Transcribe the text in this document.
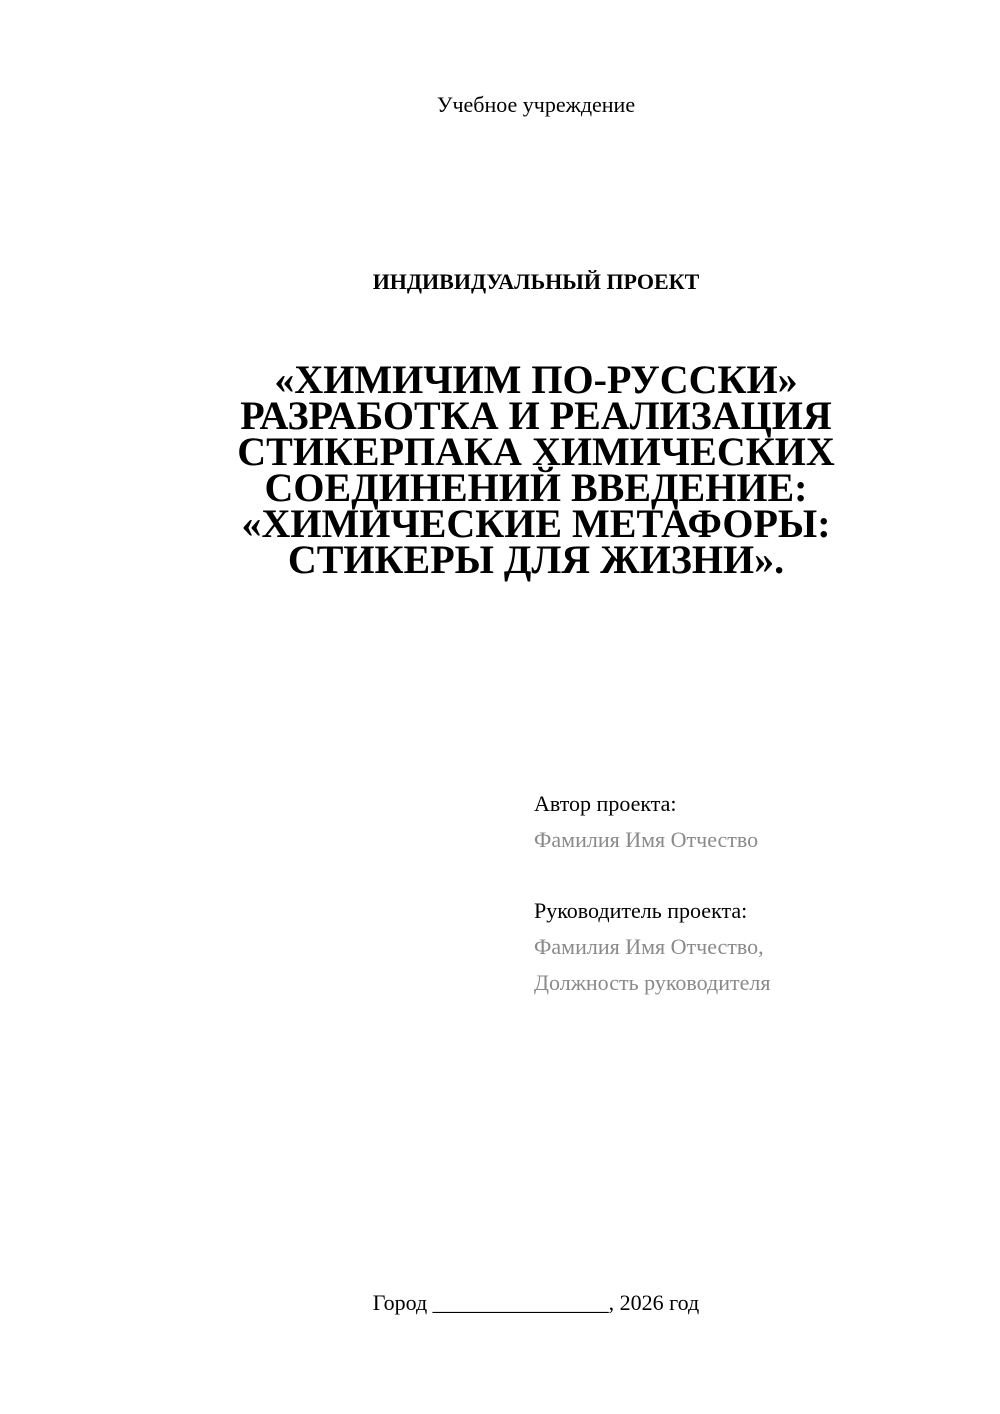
Учебное учреждение
ИНДИВИДУАЛЬНЫЙ ПРОЕКТ
«ХИМИЧИМ ПО-РУССКИ»
РАЗРАБОТКА И РЕАЛИЗАЦИЯ
СТИКЕРПАКА ХИМИЧЕСКИХ
СОЕДИНЕНИЙ ВВЕДЕНИЕ:
«ХИМИЧЕСКИЕ МЕТАФОРЫ:
СТИКЕРЫ ДЛЯ ЖИЗНИ».
Автор проекта:
Фамилия Имя Отчество
Руководитель проекта:
Фамилия Имя Отчество,
Должность руководителя
Город ________________, 2026 год
